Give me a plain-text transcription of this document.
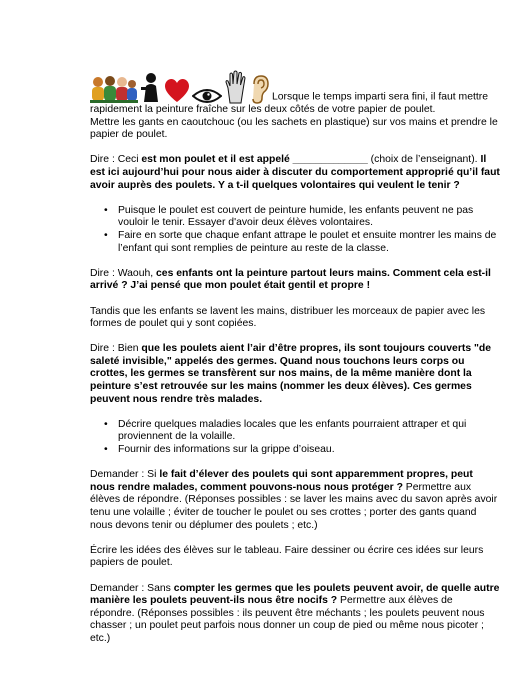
Lorsque le temps imparti sera fini, il faut mettre rapidement la peinture fraîche sur les deux côtés de votre papier de poulet.
Mettre les gants en caoutchouc (ou les sachets en plastique) sur vos mains et prendre le papier de poulet.

Dire : Ceci est mon poulet et il est appelé _____________ (choix de l’enseignant). Il est ici aujourd’hui pour nous aider à discuter du comportement approprié qu’il faut avoir auprès des poulets. Y a t-il quelques volontaires qui veulent le tenir ?

• Puisque le poulet est couvert de peinture humide, les enfants peuvent ne pas vouloir le tenir. Essayer d'avoir deux élèves volontaires.
• Faire en sorte que chaque enfant attrape le poulet et ensuite montrer les mains de l’enfant qui sont remplies de peinture au reste de la classe.

Dire : Waouh, ces enfants ont la peinture partout leurs mains. Comment cela est-il arrivé ? J’ai pensé que mon poulet était gentil et propre !

Tandis que les enfants se lavent les mains, distribuer les morceaux de papier avec les formes de poulet qui y sont copiées.

Dire : Bien que les poulets aient l’air d’être propres, ils sont toujours couverts "de saleté invisible," appelés des germes. Quand nous touchons leurs corps ou crottes, les germes se transfèrent sur nos mains, de la même manière dont la peinture s’est retrouvée sur les mains (nommer les deux élèves). Ces germes peuvent nous rendre très malades.

• Décrire quelques maladies locales que les enfants pourraient attraper et qui proviennent de la volaille.
• Fournir des informations sur la grippe d’oiseau.

Demander : Si le fait d’élever des poulets qui sont apparemment propres, peut nous rendre malades, comment pouvons-nous nous protéger ? Permettre aux élèves de répondre. (Réponses possibles : se laver les mains avec du savon après avoir tenu une volaille ; éviter de toucher le poulet ou ses crottes ; porter des gants quand nous devons tenir ou déplumer des poulets ; etc.)

Écrire les idées des élèves sur le tableau. Faire dessiner ou écrire ces idées sur leurs papiers de poulet.

Demander : Sans compter les germes que les poulets peuvent avoir, de quelle autre manière les poulets peuvent-ils nous être nocifs ? Permettre aux élèves de répondre. (Réponses possibles : ils peuvent être méchants ; les poulets peuvent nous chasser ; un poulet peut parfois nous donner un coup de pied ou même nous picoter ; etc.)
